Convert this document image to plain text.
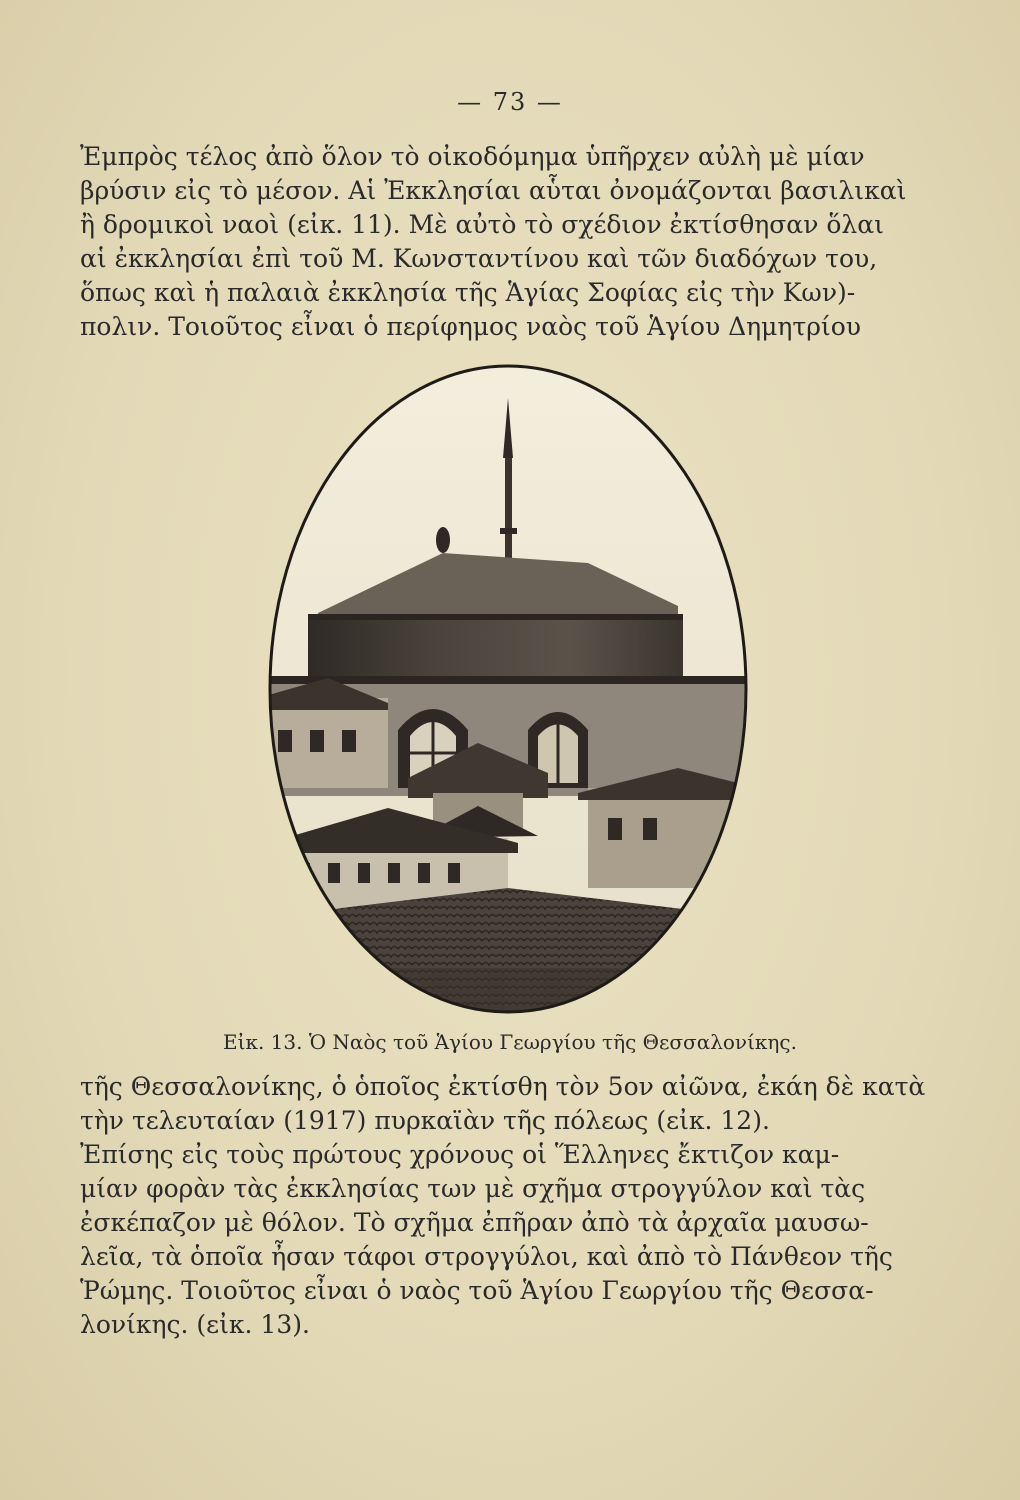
— 73 —
Ἐμπρὸς τέλος ἀπὸ ὅλον τὸ οἰκοδόμημα ὑπῆρχεν αὐλὴ μὲ μίαν
βρύσιν εἰς τὸ μέσον. Αἱ Ἐκκλησίαι αὗται ὀνομάζονται βασιλικαὶ
ἢ δρομικοὶ ναοὶ (εἰκ. 11). Μὲ αὐτὸ τὸ σχέδιον ἐκτίσθησαν ὅλαι
αἱ ἐκκλησίαι ἐπὶ τοῦ Μ. Κωνσταντίνου καὶ τῶν διαδόχων του,
ὅπως καὶ ἡ παλαιὰ ἐκκλησία τῆς Ἁγίας Σοφίας εἰς τὴν Κων)-
πολιν. Τοιοῦτος εἶναι ὁ περίφημος ναὸς τοῦ Ἁγίου Δημητρίου
Εἰκ. 13. Ὁ Ναὸς τοῦ Ἁγίου Γεωργίου τῆς Θεσσαλονίκης.
τῆς Θεσσαλονίκης, ὁ ὁποῖος ἐκτίσθη τὸν 5ον αἰῶνα, ἐκάη δὲ κατὰ
τὴν τελευταίαν (1917) πυρκαϊὰν τῆς πόλεως (εἰκ. 12).
Ἐπίσης εἰς τοὺς πρώτους χρόνους οἱ Ἕλληνες ἔκτιζον καμ-
μίαν φορὰν τὰς ἐκκλησίας των μὲ σχῆμα στρογγύλον καὶ τὰς
ἐσκέπαζον μὲ θόλον. Τὸ σχῆμα ἐπῆραν ἀπὸ τὰ ἀρχαῖα μαυσω-
λεῖα, τὰ ὁποῖα ἦσαν τάφοι στρογγύλοι, καὶ ἀπὸ τὸ Πάνθεον τῆς
Ῥώμης. Τοιοῦτος εἶναι ὁ ναὸς τοῦ Ἁγίου Γεωργίου τῆς Θεσσα-
λονίκης. (εἰκ. 13).
